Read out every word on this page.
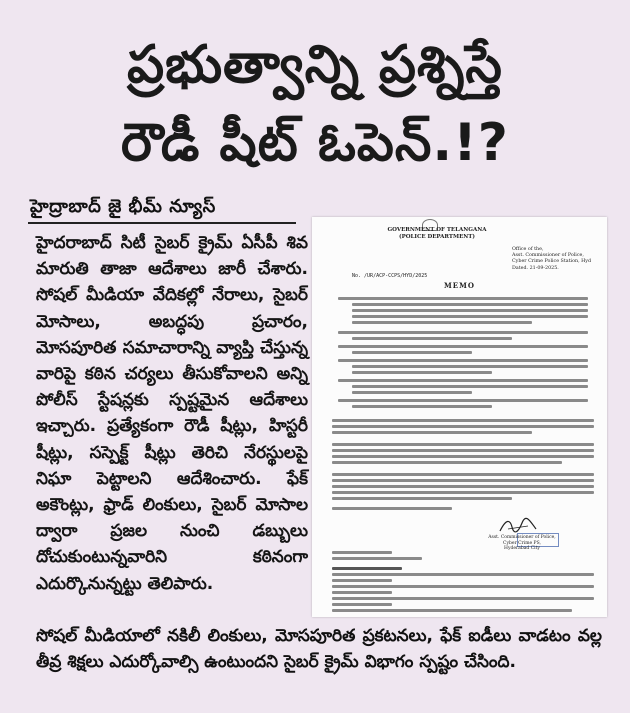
ప్రభుత్వాన్ని ప్రశ్నిస్తే
రౌడీ షీట్ ఓపెన్.!?
హైద్రాబాద్ జై భీమ్ న్యూస్

హైదరాబాద్ సిటీ సైబర్ క్రైమ్ ఏసీపీ శివ మారుతి తాజా ఆదేశాలు జారీ చేశారు. సోషల్ మీడియా వేదికల్లో నేరాలు, సైబర్ మోసాలు, అబద్ధపు ప్రచారం, మోసపూరిత సమాచారాన్ని వ్యాప్తి చేస్తున్న వారిపై కఠిన చర్యలు తీసుకోవాలని అన్ని పోలీస్ స్టేషన్లకు స్పష్టమైన ఆదేశాలు ఇచ్చారు. ప్రత్యేకంగా రౌడీ షీట్లు, హిస్టరీ షీట్లు, సస్పెక్ట్ షీట్లు తెరిచి నేరస్థులపై నిఘా పెట్టాలని ఆదేశించారు. ఫేక్ అకౌంట్లు, ఫ్రాడ్ లింకులు, సైబర్ మోసాల ద్వారా ప్రజల నుంచి డబ్బులు దోచుకుంటున్నవారిని కఠినంగా ఎదుర్కొనున్నట్టు తెలిపారు.

సోషల్ మీడియాలో నకిలీ లింకులు, మోసపూరిత ప్రకటనలు, ఫేక్ ఐడీలు వాడటం వల్ల తీవ్ర శిక్షలు ఎదుర్కోవాల్సి ఉంటుందని సైబర్ క్రైమ్ విభాగం స్పష్టం చేసింది.

GOVERNMENT OF TELANGANA
(POLICE DEPARTMENT)
Office of the,
Asst. Commissioner of Police,
Cyber Crime Police Station, Hyd
Dated. 21-09-2025.
No. /UR/ACP-CCPS/HYD/2025
MEMO
Asst. Commissioner of Police,
Cyber Crime PS,
Hyderabad City
